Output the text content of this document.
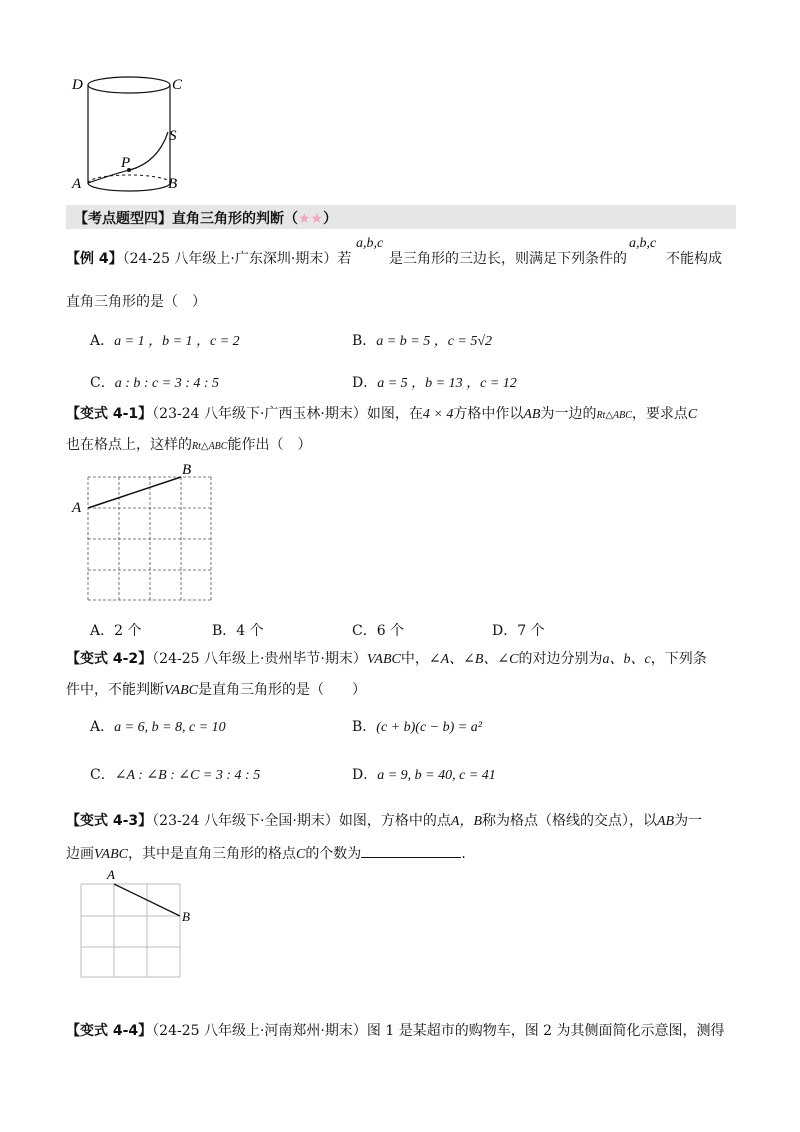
D	C
S
P
A	B
【考点题型四】直角三角形的判断（★★）
【例 4】（24-25 八年级上·广东深圳·期末）若
a,b,c
是三角形的三边长，则满足下列条件的
a,b,c
不能构成
直角三角形的是（　）
A．a = 1 ，b = 1 ，c = 2	B．a = b = 5 ，c = 5√2
C．a : b : c = 3 : 4 : 5	D．a = 5 ，b = 13 ，c = 12
【变式 4-1】（23-24 八年级下·广西玉林·期末）如图，在4 × 4方格中作以AB为一边的Rt△ABC，要求点C
也在格点上，这样的Rt△ABC能作出（　）
A
B
A．2 个	B．4 个	C．6 个	D．7 个
【变式 4-2】（24-25 八年级上·贵州毕节·期末）VABC中，∠A、∠B、∠C的对边分别为a、b、c，下列条
件中，不能判断VABC是直角三角形的是（　　）
A．a = 6, b = 8, c = 10	B．(c + b)(c − b) = a²
C．∠A : ∠B : ∠C = 3 : 4 : 5	D．a = 9, b = 40, c = 41
【变式 4-3】（23-24 八年级下·全国·期末）如图，方格中的点A，B称为格点（格线的交点），以AB为一
边画VABC，其中是直角三角形的格点C的个数为	．
A
B
【变式 4-4】（24-25 八年级上·河南郑州·期末）图 1 是某超市的购物车，图 2 为其侧面简化示意图，测得
